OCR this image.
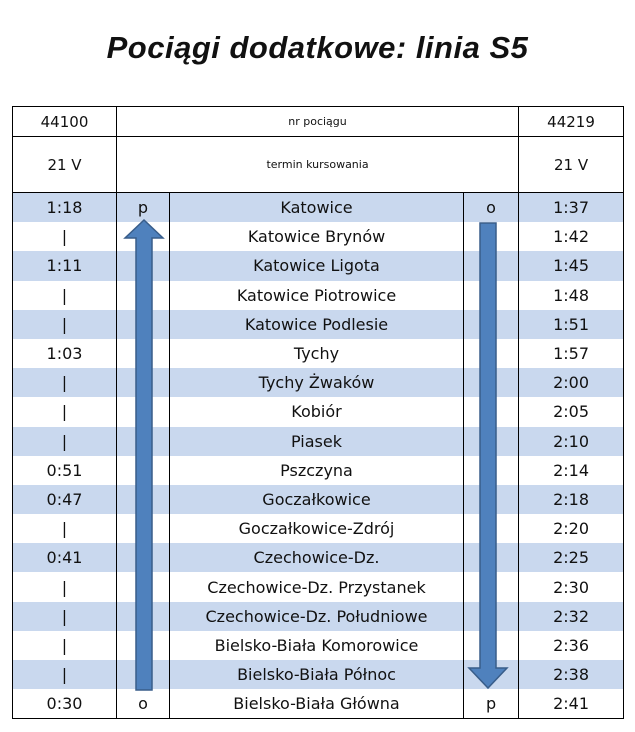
Pociągi dodatkowe: linia S5
44100	nr pociągu			44219
21 V	termin kursowania			21 V
1:18	p	Katowice	o	1:37
|		Katowice Brynów		1:42
1:11		Katowice Ligota		1:45
|		Katowice Piotrowice		1:48
|		Katowice Podlesie		1:51
1:03		Tychy		1:57
|		Tychy Żwaków		2:00
|		Kobiór		2:05
|		Piasek		2:10
0:51		Pszczyna		2:14
0:47		Goczałkowice		2:18
|		Goczałkowice-Zdrój		2:20
0:41		Czechowice-Dz.		2:25
|		Czechowice-Dz. Przystanek		2:30
|		Czechowice-Dz. Południowe		2:32
|		Bielsko-Biała Komorowice		2:36
|		Bielsko-Biała Północ		2:38
0:30	o	Bielsko-Biała Główna	p	2:41
